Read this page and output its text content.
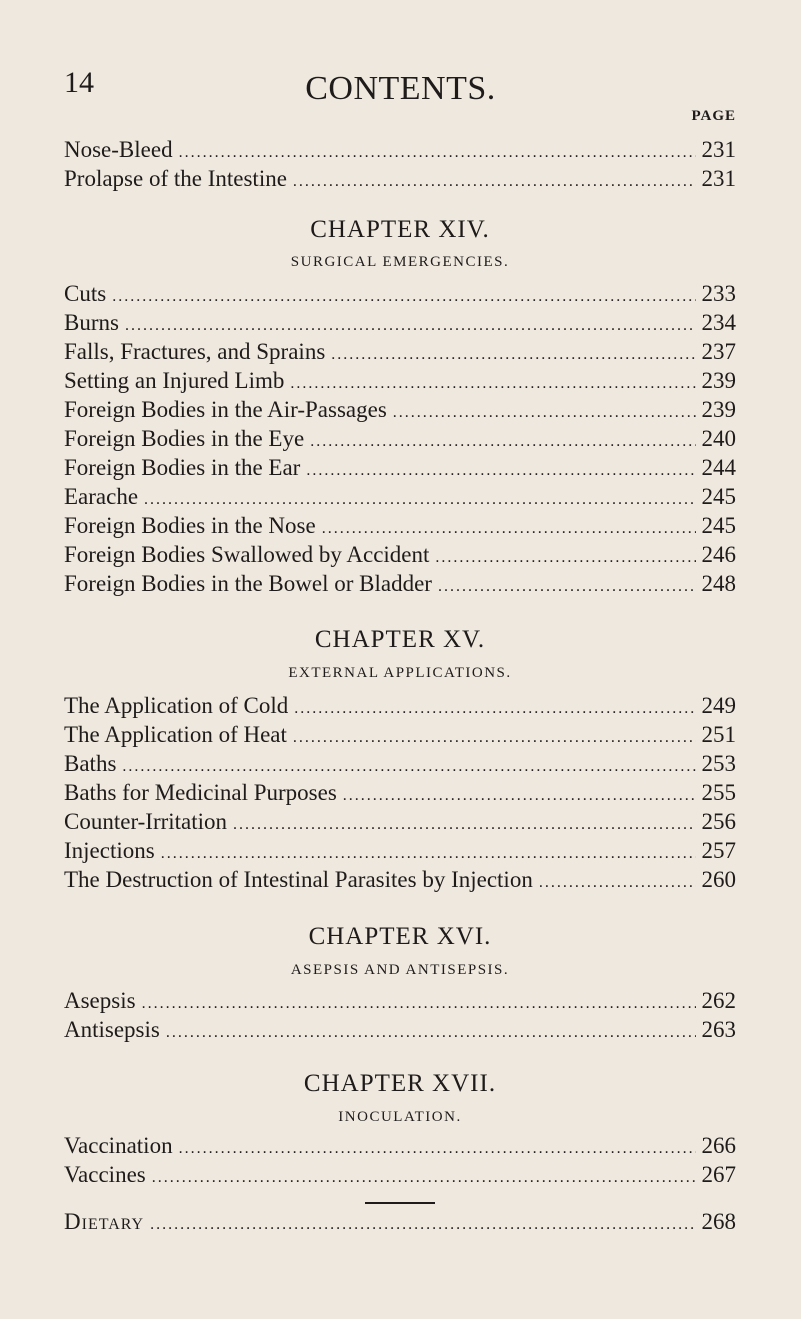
14	CONTENTS.
PAGE
Nose-Bleed . . .	231
Prolapse of the Intestine . . .	231
CHAPTER XIV.
SURGICAL EMERGENCIES.
Cuts . . .	233
Burns . . .	234
Falls, Fractures, and Sprains . . .	237
Setting an Injured Limb . . .	239
Foreign Bodies in the Air-Passages . . .	239
Foreign Bodies in the Eye . . .	240
Foreign Bodies in the Ear . . .	244
Earache . . .	245
Foreign Bodies in the Nose . . .	245
Foreign Bodies Swallowed by Accident . . .	246
Foreign Bodies in the Bowel or Bladder . . .	248
CHAPTER XV.
EXTERNAL APPLICATIONS.
The Application of Cold . . .	249
The Application of Heat . . .	251
Baths . . .	253
Baths for Medicinal Purposes . . .	255
Counter-Irritation . . .	256
Injections . . .	257
The Destruction of Intestinal Parasites by Injection . . .	260
CHAPTER XVI.
ASEPSIS AND ANTISEPSIS.
Asepsis . . .	262
Antisepsis . . .	263
CHAPTER XVII.
INOCULATION.
Vaccination . . .	266
Vaccines . . .	267
Dietary . . .	268
